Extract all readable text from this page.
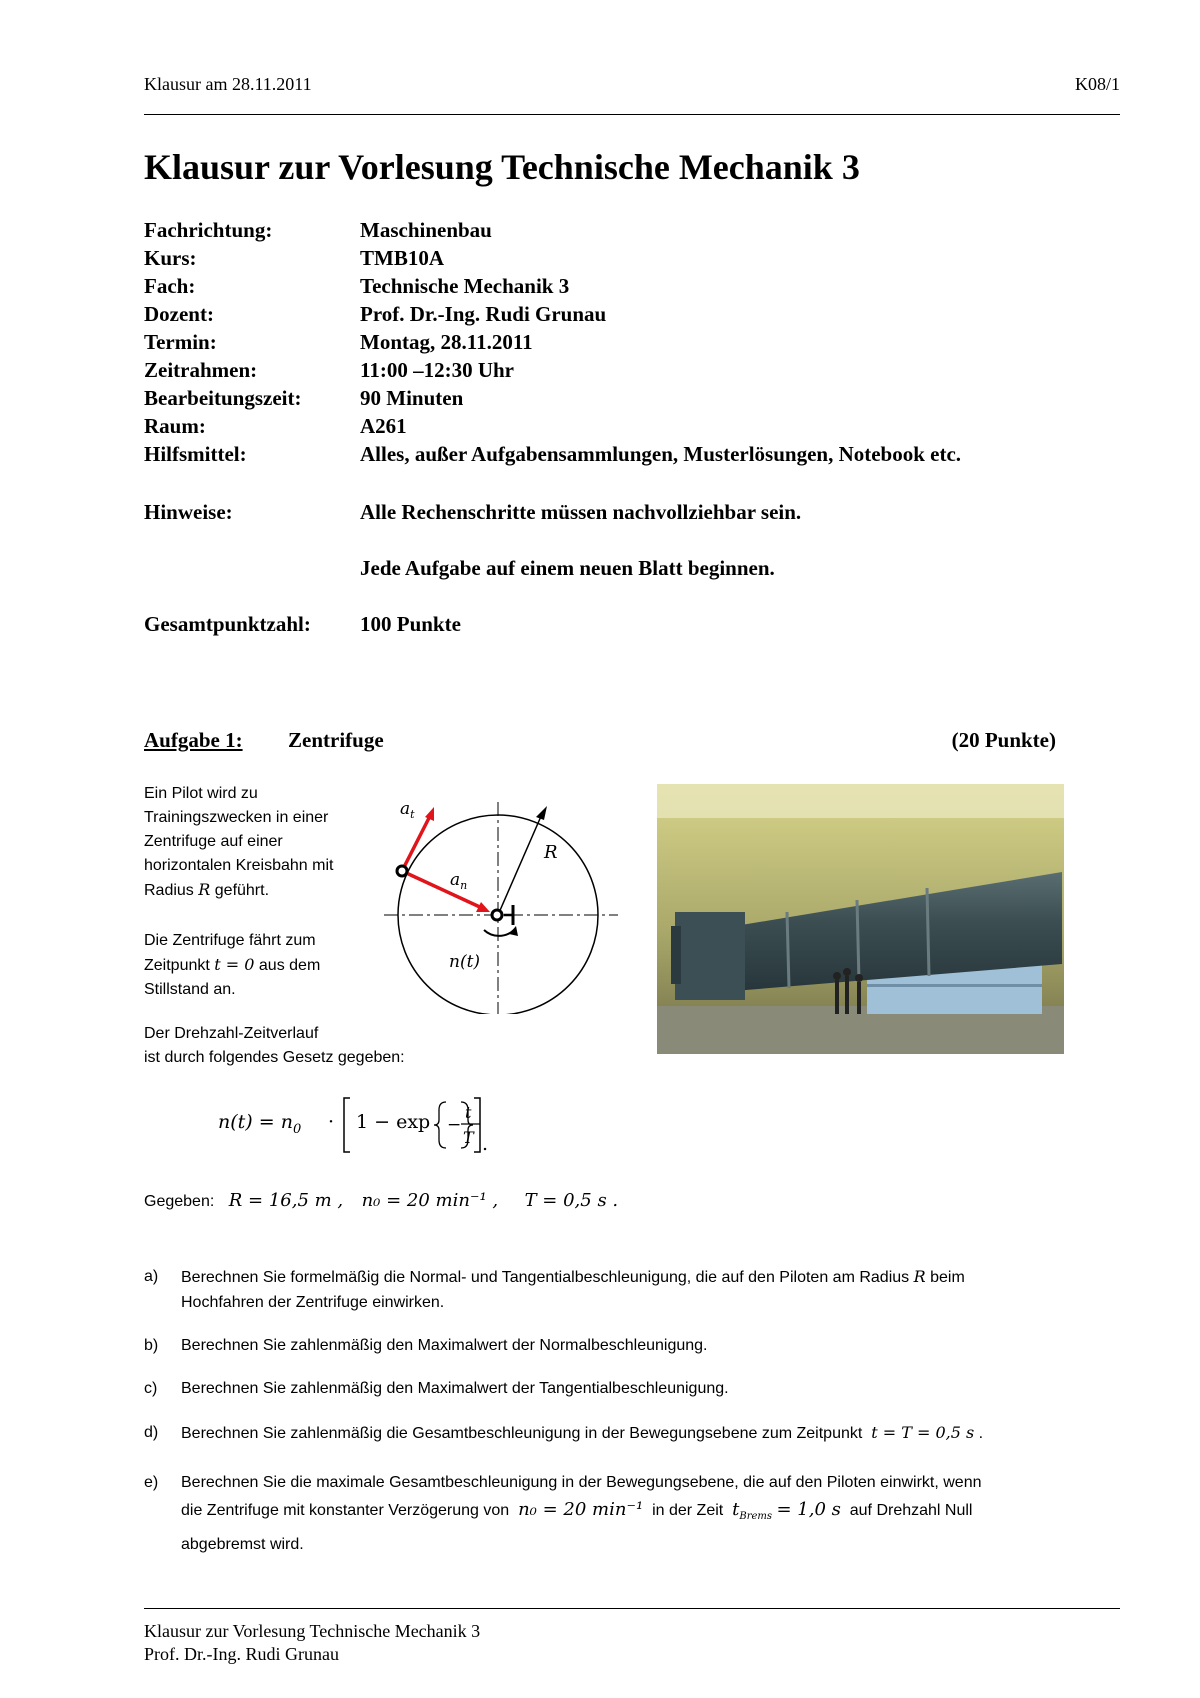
Klausur am 28.11.2011	K08/1
Klausur zur Vorlesung Technische Mechanik 3
Fachrichtung:	Maschinenbau
Kurs:	TMB10A
Fach:	Technische Mechanik 3
Dozent:	Prof. Dr.-Ing. Rudi Grunau
Termin:	Montag, 28.11.2011
Zeitrahmen:	11:00 –12:30 Uhr
Bearbeitungszeit:	90 Minuten
Raum:	A261
Hilfsmittel:	Alles, außer Aufgabensammlungen, Musterlösungen, Notebook etc.
Hinweise:	Alle Rechenschritte müssen nachvollziehbar sein.
Jede Aufgabe auf einem neuen Blatt beginnen.
Gesamtpunktzahl: 100 Punkte
Aufgabe 1: Zentrifuge	(20 Punkte)

Ein Pilot wird zu Trainingszwecken in einer Zentrifuge auf einer horizontalen Kreisbahn mit Radius R geführt.

Die Zentrifuge fährt zum Zeitpunkt t = 0 aus dem Stillstand an.

$a_t$
$a_n$
R
n(t)
Der Drehzahl-Zeitverlauf
ist durch folgendes Gesetz gegeben:
$n(t) = n_0 \cdot 1 - \exp$ −
t
T .
Gegeben: R = 16,5 m , n₀ = 20 min⁻¹ , T = 0,5 s .
a) Berechnen Sie formelmäßig die Normal- und Tangentialbeschleunigung, die auf den Piloten am Radius R beim
Hochfahren der Zentrifuge einwirken.
b) Berechnen Sie zahlenmäßig den Maximalwert der Normalbeschleunigung.
c) Berechnen Sie zahlenmäßig den Maximalwert der Tangentialbeschleunigung.
d) Berechnen Sie zahlenmäßig die Gesamtbeschleunigung in der Bewegungsebene zum Zeitpunkt t = T = 0,5 s .
e) Berechnen Sie die maximale Gesamtbeschleunigung in der Bewegungsebene, die auf den Piloten einwirkt, wenn
die Zentrifuge mit konstanter Verzögerung von n₀ = 20 min⁻¹ in der Zeit $t_{Brems} = 1,0$ s auf Drehzahl Null
abgebremst wird.
Klausur zur Vorlesung Technische Mechanik 3
Prof. Dr.-Ing. Rudi Grunau
